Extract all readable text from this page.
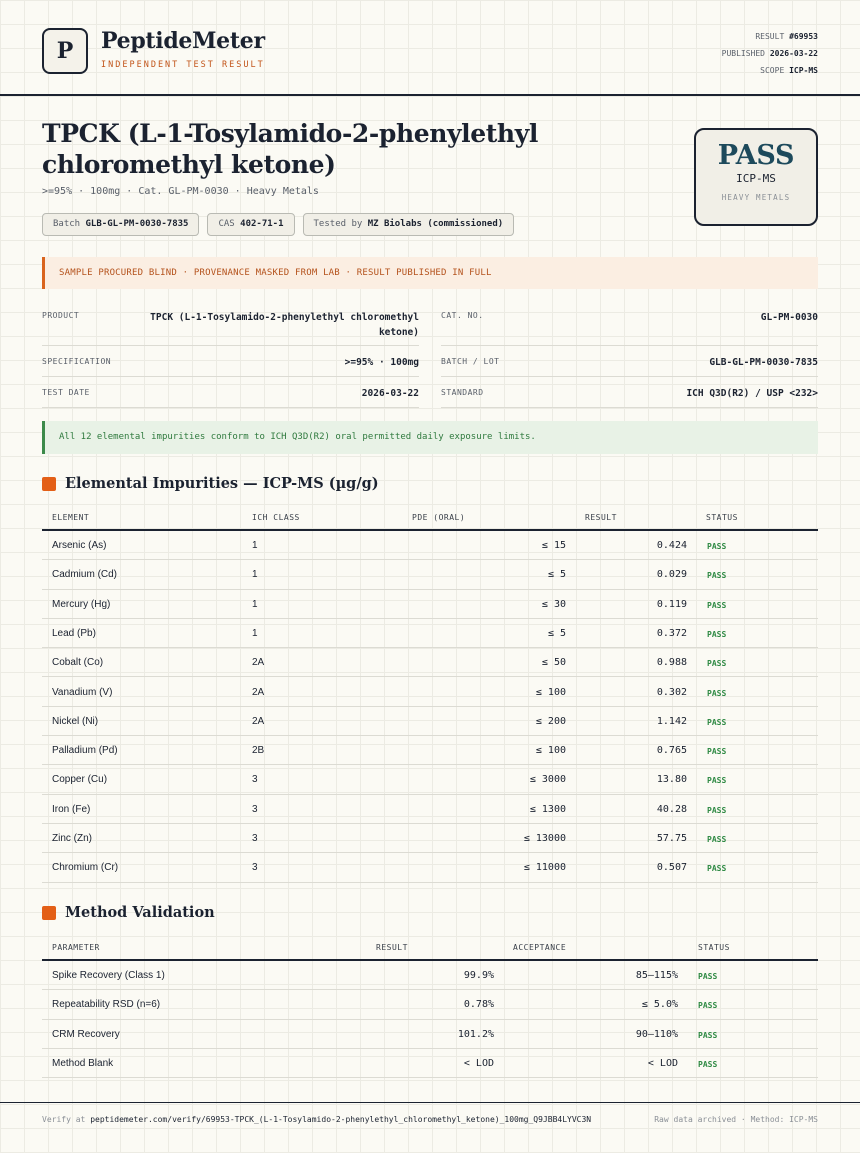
P	PeptideMeter
INDEPENDENT TEST RESULT
RESULT #69953
PUBLISHED 2026-03-22
SCOPE ICP-MS
TPCK (L-1-Tosylamido-2-phenylethyl chloromethyl ketone)
>=95% · 100mg · Cat. GL-PM-0030 · Heavy Metals
Batch GLB-GL-PM-0030-7835	CAS 402-71-1	Tested by MZ Biolabs (commissioned)
PASS
ICP-MS
HEAVY METALS
SAMPLE PROCURED BLIND · PROVENANCE MASKED FROM LAB · RESULT PUBLISHED IN FULL
PRODUCT	TPCK (L-1-Tosylamido-2-phenylethyl chloromethyl ketone)
CAT. NO.	GL-PM-0030
SPECIFICATION	>=95% · 100mg	BATCH / LOT	GLB-GL-PM-0030-7835
TEST DATE	2026-03-22	STANDARD	ICH Q3D(R2) / USP <232>
All 12 elemental impurities conform to ICH Q3D(R2) oral permitted daily exposure limits.
Elemental Impurities — ICP-MS (µg/g)
ELEMENT	ICH CLASS	PDE (ORAL)	RESULT	STATUS
Arsenic (As)	1	≤ 15	0.424	PASS
Cadmium (Cd)	1	≤ 5	0.029	PASS
Mercury (Hg)	1	≤ 30	0.119	PASS
Lead (Pb)	1	≤ 5	0.372	PASS
Cobalt (Co)	2A	≤ 50	0.988	PASS
Vanadium (V)	2A	≤ 100	0.302	PASS
Nickel (Ni)	2A	≤ 200	1.142	PASS
Palladium (Pd)	2B	≤ 100	0.765	PASS
Copper (Cu)	3	≤ 3000	13.80	PASS
Iron (Fe)	3	≤ 1300	40.28	PASS
Zinc (Zn)	3	≤ 13000	57.75	PASS
Chromium (Cr)	3	≤ 11000	0.507	PASS
Method Validation
PARAMETER	RESULT	ACCEPTANCE	STATUS
Spike Recovery (Class 1)	99.9%	85–115%	PASS
Repeatability RSD (n=6)	0.78%	≤ 5.0%	PASS
CRM Recovery	101.2%	90–110%	PASS
Method Blank	< LOD	< LOD	PASS
Verify at peptidemeter.com/verify/69953-TPCK_(L-1-Tosylamido-2-phenylethyl_chloromethyl_ketone)_100mg_Q9JBB4LYVC3N	Raw data archived · Method: ICP-MS
